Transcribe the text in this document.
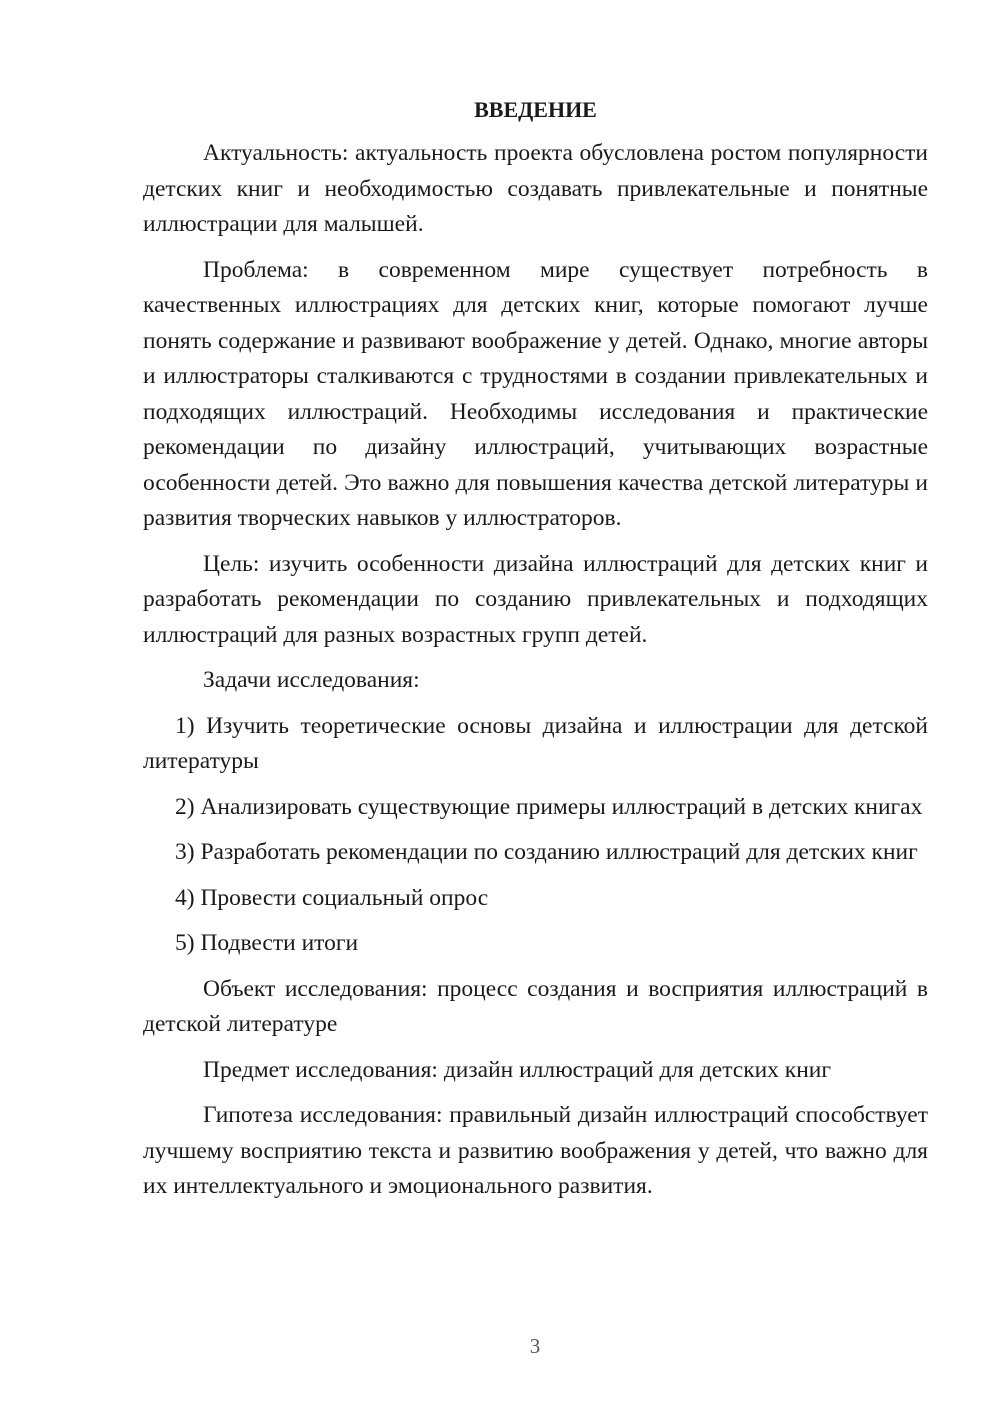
ВВЕДЕНИЕ

Актуальность: актуальность проекта обусловлена ростом популярности детских книг и необходимостью создавать привлекательные и понятные иллюстрации для малышей.

Проблема: в современном мире существует потребность в качественных иллюстрациях для детских книг, которые помогают лучше понять содержание и развивают воображение у детей. Однако, многие авторы и иллюстраторы сталкиваются с трудностями в создании привлекательных и подходящих иллюстраций. Необходимы исследования и практические рекомендации по дизайну иллюстраций, учитывающих возрастные особенности детей. Это важно для повышения качества детской литературы и развития творческих навыков у иллюстраторов.

Цель: изучить особенности дизайна иллюстраций для детских книг и разработать рекомендации по созданию привлекательных и подходящих иллюстраций для разных возрастных групп детей.

Задачи исследования:

1) Изучить теоретические основы дизайна и иллюстрации для детской литературы

2) Анализировать существующие примеры иллюстраций в детских книгах

3) Разработать рекомендации по созданию иллюстраций для детских книг

4) Провести социальный опрос

5) Подвести итоги

Объект исследования: процесс создания и восприятия иллюстраций в детской литературе

Предмет исследования: дизайн иллюстраций для детских книг

Гипотеза исследования: правильный дизайн иллюстраций способствует лучшему восприятию текста и развитию воображения у детей, что важно для их интеллектуального и эмоционального развития.

3
